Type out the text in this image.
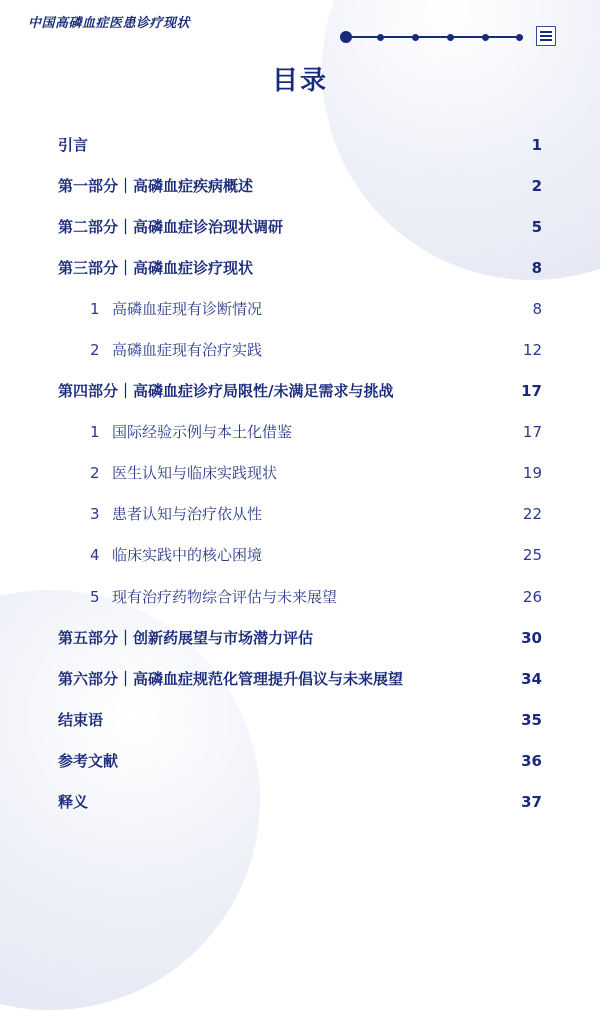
中国高磷血症医患诊疗现状
目录
引言	1
第一部分｜高磷血症疾病概述	2
第二部分｜高磷血症诊治现状调研	5
第三部分｜高磷血症诊疗现状	8
1 高磷血症现有诊断情况	8
2 高磷血症现有治疗实践	12
第四部分｜高磷血症诊疗局限性/未满足需求与挑战	17
1 国际经验示例与本土化借鉴	17
2 医生认知与临床实践现状	19
3 患者认知与治疗依从性	22
4 临床实践中的核心困境	25
5 现有治疗药物综合评估与未来展望	26
第五部分｜创新药展望与市场潜力评估	30
第六部分｜高磷血症规范化管理提升倡议与未来展望	34
结束语	35
参考文献	36
释义	37
